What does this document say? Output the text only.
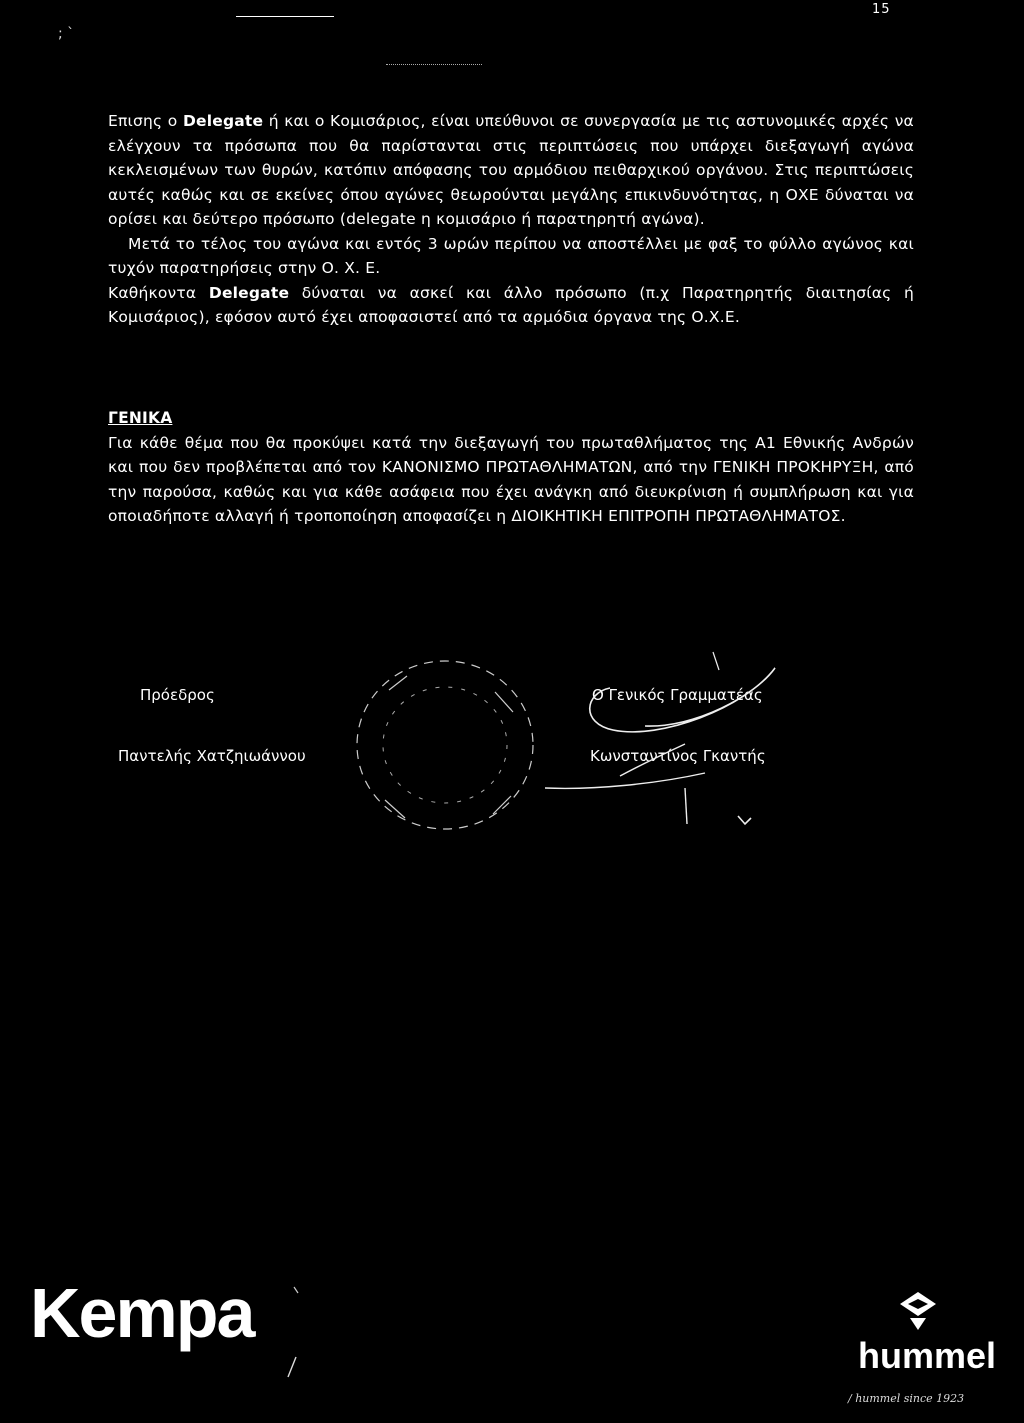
15
; ˋ

Επισης ο Delegate ή και ο Κομισάριος, είναι υπεύθυνοι σε συνεργασία με τις αστυνομικές αρχές να ελέγχουν τα πρόσωπα που θα παρίστανται στις περιπτώσεις που υπάρχει διεξαγωγή αγώνα κεκλεισμένων των θυρών, κατόπιν απόφασης του αρμόδιου πειθαρχικού οργάνου. Στις περιπτώσεις αυτές καθώς και σε εκείνες όπου αγώνες θεωρούνται μεγάλης επικινδυνότητας, η ΟΧΕ δύναται να ορίσει και δεύτερο πρόσωπο (delegate η κομισάριο ή παρατηρητή αγώνα).

Μετά το τέλος του αγώνα και εντός 3 ωρών περίπου να αποστέλλει με φαξ το φύλλο αγώνος και τυχόν παρατηρήσεις στην Ο. Χ. Ε.

Καθήκοντα Delegate δύναται να ασκεί και άλλο πρόσωπο (π.χ Παρατηρητής διαιτησίας ή Κομισάριος), εφόσον αυτό έχει αποφασιστεί από τα αρμόδια όργανα της Ο.Χ.Ε.

ΓΕΝΙΚΑ

Για κάθε θέμα που θα προκύψει κατά την διεξαγωγή του πρωταθλήματος της Α1 Εθνικής Ανδρών και που δεν προβλέπεται από τον ΚΑΝΟΝΙΣΜΟ ΠΡΩΤΑΘΛΗΜΑΤΩΝ, από την ΓΕΝΙΚΗ ΠΡΟΚΗΡΥΞΗ, από την παρούσα, καθώς και για κάθε ασάφεια που έχει ανάγκη από διευκρίνιση ή συμπλήρωση και για οποιαδήποτε αλλαγή ή τροποποίηση αποφασίζει η ΔΙΟΙΚΗΤΙΚΗ ΕΠΙΤΡΟΠΗ ΠΡΩΤΑΘΛΗΜΑΤΟΣ.

Πρόεδρος
Παντελής Χατζηιωάννου
Ο Γενικός Γραμματέας
Κωνσταντίνος Γκαντής
Kempa
hummel
/ hummel since 1923
